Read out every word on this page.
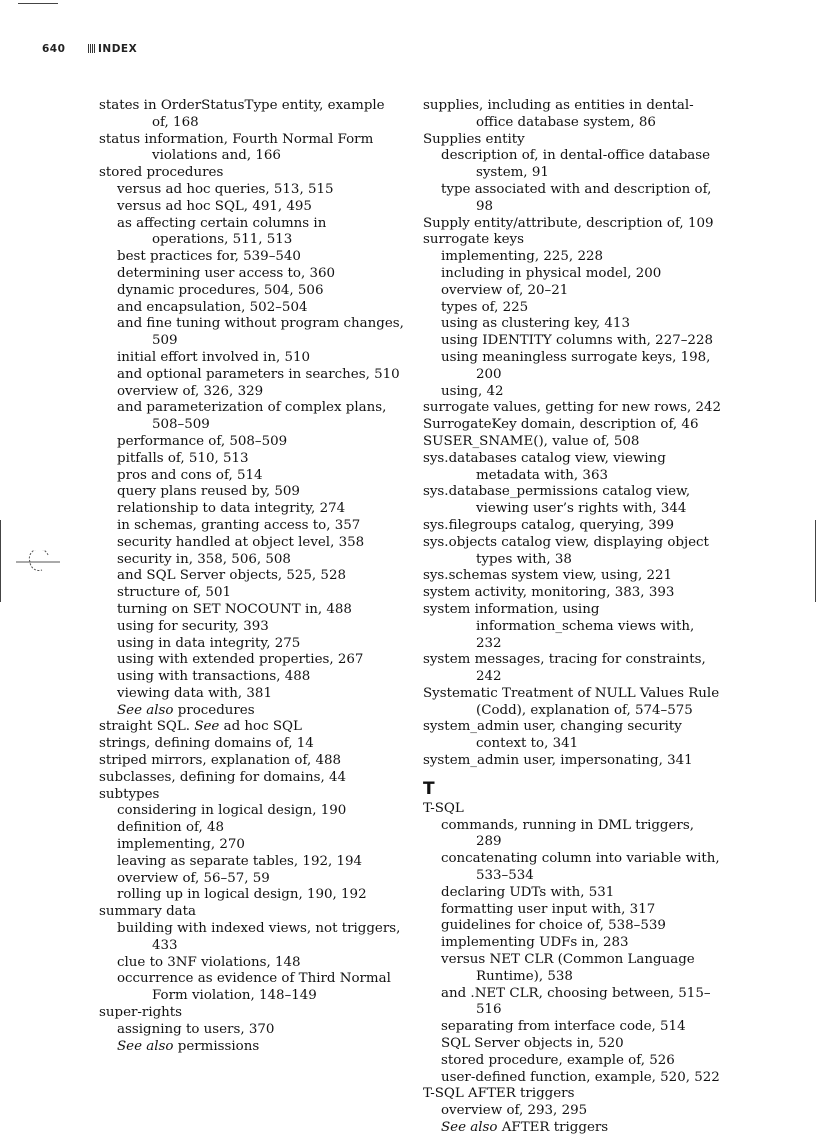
640	INDEX
states in OrderStatusType entity, example of, 168
status information, Fourth Normal Form violations and, 166
stored procedures
versus ad hoc queries, 513, 515
versus ad hoc SQL, 491, 495
as affecting certain columns in operations, 511, 513
best practices for, 539–540
determining user access to, 360
dynamic procedures, 504, 506
and encapsulation, 502–504
and fine tuning without program changes, 509
initial effort involved in, 510
and optional parameters in searches, 510
overview of, 326, 329
and parameterization of complex plans, 508–509
performance of, 508–509
pitfalls of, 510, 513
pros and cons of, 514
query plans reused by, 509
relationship to data integrity, 274
in schemas, granting access to, 357
security handled at object level, 358
security in, 358, 506, 508
and SQL Server objects, 525, 528
structure of, 501
turning on SET NOCOUNT in, 488
using for security, 393
using in data integrity, 275
using with extended properties, 267
using with transactions, 488
viewing data with, 381
See also procedures
straight SQL. See ad hoc SQL
strings, defining domains of, 14
striped mirrors, explanation of, 488
subclasses, defining for domains, 44
subtypes
considering in logical design, 190
definition of, 48
implementing, 270
leaving as separate tables, 192, 194
overview of, 56–57, 59
rolling up in logical design, 190, 192
summary data
building with indexed views, not triggers, 433
clue to 3NF violations, 148
occurrence as evidence of Third Normal Form violation, 148–149
super-rights
assigning to users, 370
See also permissions
supplies, including as entities in dental-office database system, 86
Supplies entity
description of, in dental-office database system, 91
type associated with and description of, 98
Supply entity/attribute, description of, 109
surrogate keys
implementing, 225, 228
including in physical model, 200
overview of, 20–21
types of, 225
using as clustering key, 413
using IDENTITY columns with, 227–228
using meaningless surrogate keys, 198, 200
using, 42
surrogate values, getting for new rows, 242
SurrogateKey domain, description of, 46
SUSER_SNAME(), value of, 508
sys.databases catalog view, viewing metadata with, 363
sys.database_permissions catalog view, viewing user’s rights with, 344
sys.filegroups catalog, querying, 399
sys.objects catalog view, displaying object types with, 38
sys.schemas system view, using, 221
system activity, monitoring, 383, 393
system information, using information_schema views with, 232
system messages, tracing for constraints, 242
Systematic Treatment of NULL Values Rule (Codd), explanation of, 574–575
system_admin user, changing security context to, 341
system_admin user, impersonating, 341
T
T-SQL
commands, running in DML triggers, 289
concatenating column into variable with, 533–534
declaring UDTs with, 531
formatting user input with, 317
guidelines for choice of, 538–539
implementing UDFs in, 283
versus NET CLR (Common Language Runtime), 538
and .NET CLR, choosing between, 515–516
separating from interface code, 514
SQL Server objects in, 520
stored procedure, example of, 526
user-defined function, example, 520, 522
T-SQL AFTER triggers
overview of, 293, 295
See also AFTER triggers
